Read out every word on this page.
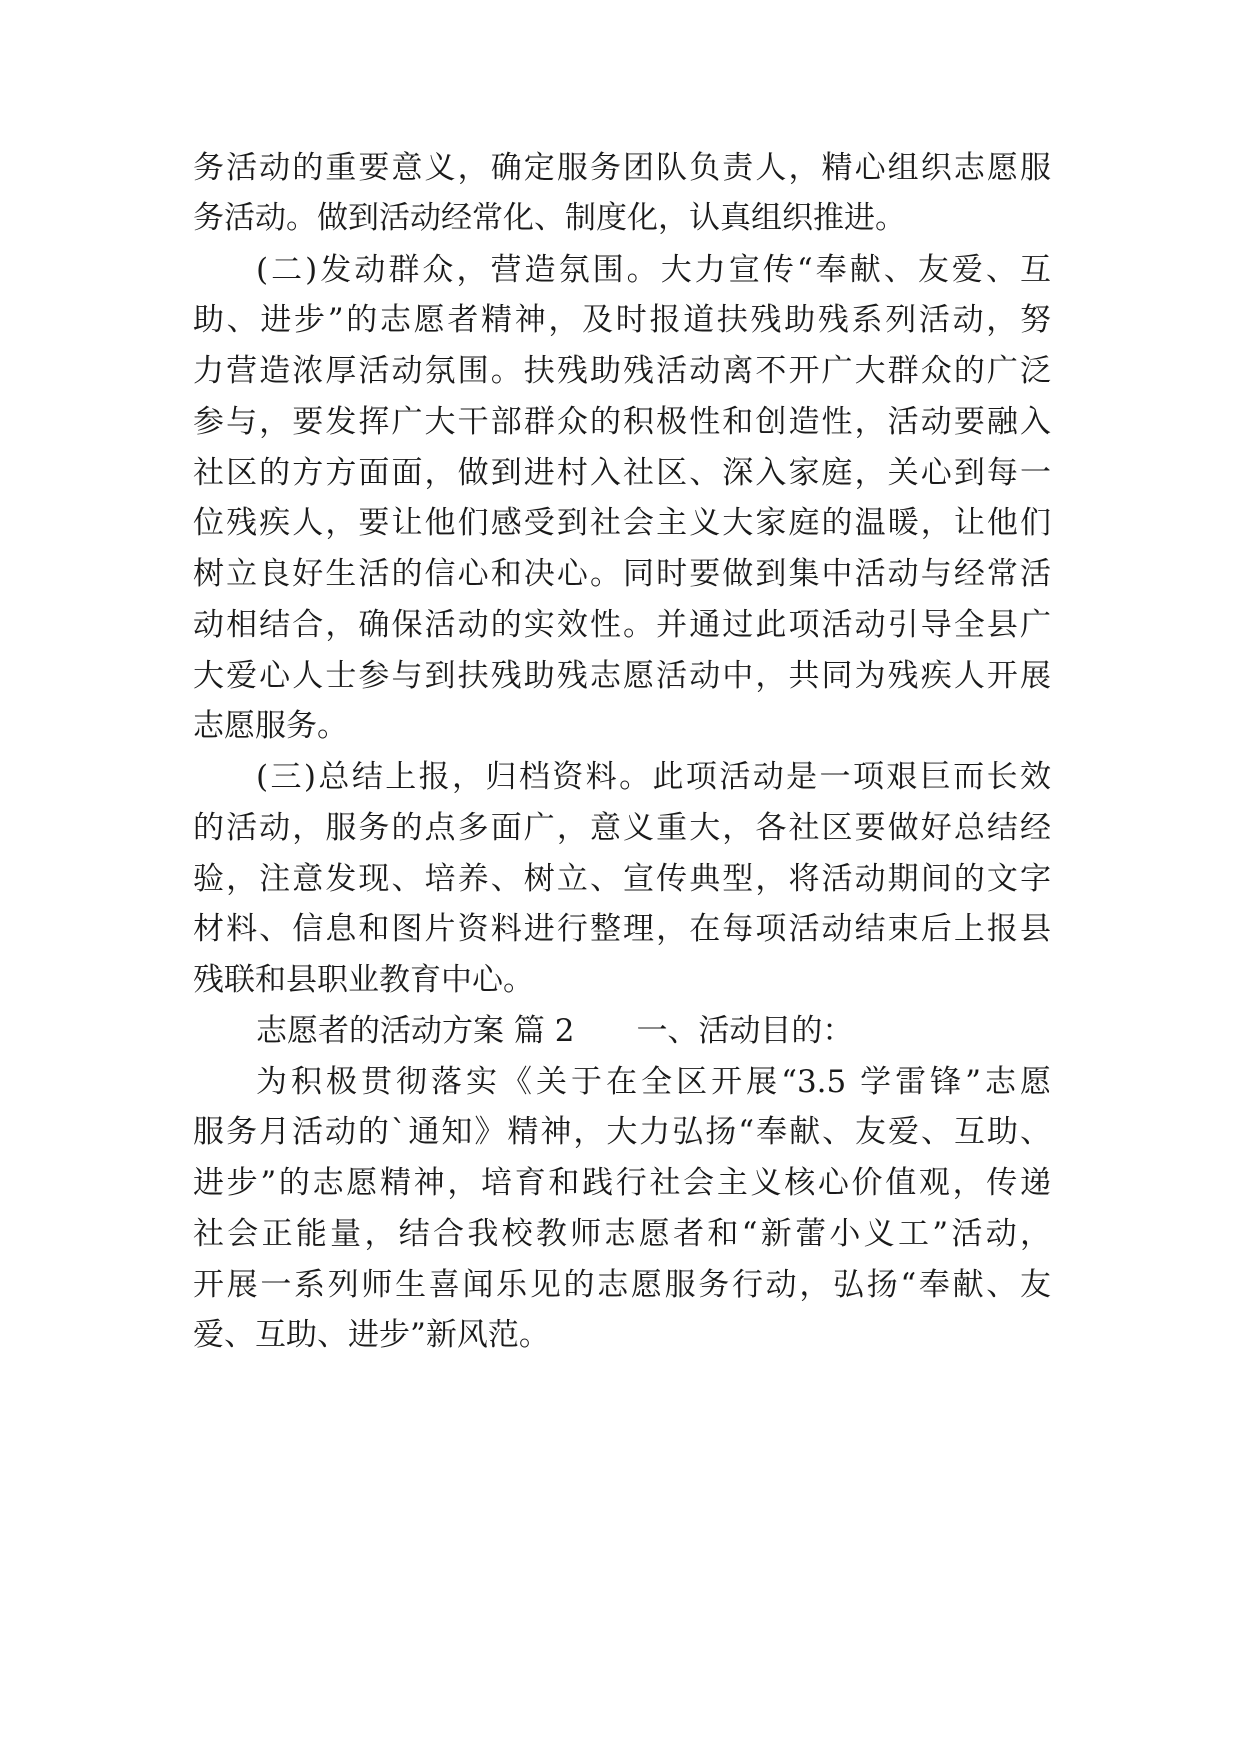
务活动的重要意义，确定服务团队负责人，精心组织志愿服
务活动。做到活动经常化、制度化，认真组织推进。
(二)发动群众，营造氛围。大力宣传“奉献、友爱、互
助、进步”的志愿者精神，及时报道扶残助残系列活动，努
力营造浓厚活动氛围。扶残助残活动离不开广大群众的广泛
参与，要发挥广大干部群众的积极性和创造性，活动要融入
社区的方方面面，做到进村入社区、深入家庭，关心到每一
位残疾人，要让他们感受到社会主义大家庭的温暖，让他们
树立良好生活的信心和决心。同时要做到集中活动与经常活
动相结合，确保活动的实效性。并通过此项活动引导全县广
大爱心人士参与到扶残助残志愿活动中，共同为残疾人开展
志愿服务。
(三)总结上报，归档资料。此项活动是一项艰巨而长效
的活动，服务的点多面广，意义重大，各社区要做好总结经
验，注意发现、培养、树立、宣传典型，将活动期间的文字
材料、信息和图片资料进行整理，在每项活动结束后上报县
残联和县职业教育中心。
志愿者的活动方案 篇 2 一、活动目的：
为积极贯彻落实《关于在全区开展“3.5 学雷锋”志愿
服务月活动的`通知》精神，大力弘扬“奉献、友爱、互助、
进步”的志愿精神，培育和践行社会主义核心价值观，传递
社会正能量，结合我校教师志愿者和“新蕾小义工”活动，
开展一系列师生喜闻乐见的志愿服务行动，弘扬“奉献、友
爱、互助、进步”新风范。
